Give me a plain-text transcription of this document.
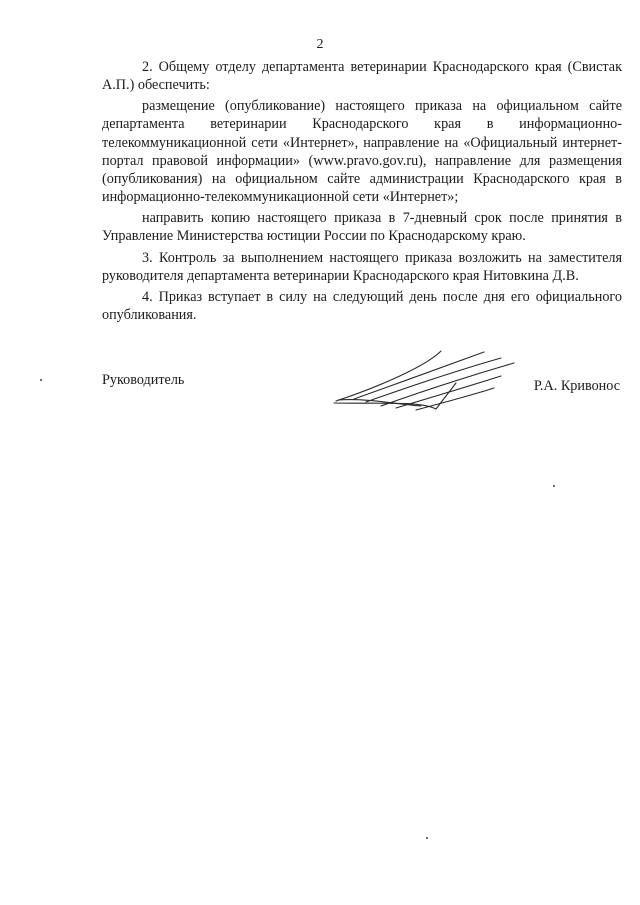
2

2. Общему отделу департамента ветеринарии Краснодарского края (Свистак А.П.) обеспечить:

размещение (опубликование) настоящего приказа на официальном сайте департамента ветеринарии Краснодарского края в информационно-телекоммуникационной сети «Интернет», направление на «Официальный интернет-портал правовой информации» (www.pravo.gov.ru), направление для размещения (опубликования) на официальном сайте администрации Краснодарского края в информационно-телекоммуникационной сети «Интернет»;

направить копию настоящего приказа в 7-дневный срок после принятия в Управление Министерства юстиции России по Краснодарскому краю.

3. Контроль за выполнением настоящего приказа возложить на заместителя руководителя департамента ветеринарии Краснодарского края Нитовкина Д.В.

4. Приказ вступает в силу на следующий день после дня его официального опубликования.

Руководитель	Р.А. Кривонос
